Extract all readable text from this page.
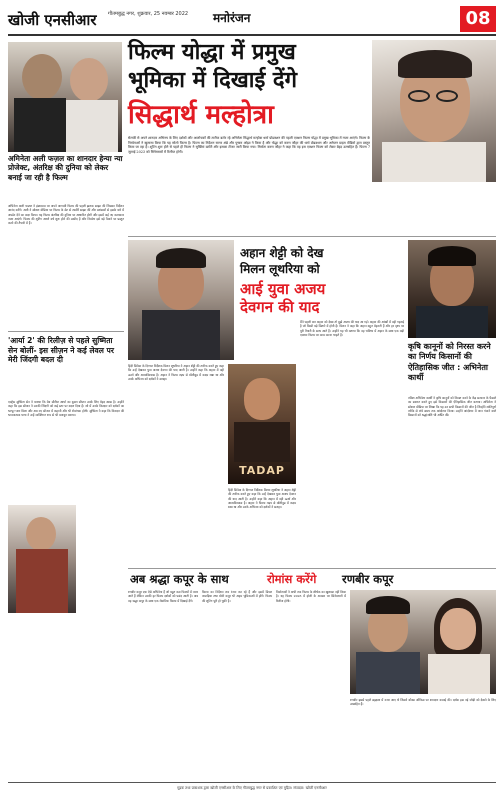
खोजी एनसीआर गौतमबुद्ध नगर, शुक्रवार, 25 नवम्बर 2022 मनोरंजन	08
अमिनेता अली फज़ल का शानदार हेन्या न्या प्रोजेक्ट, अंतरिक्ष की दुनिया को लेकर बनाई जा रही है फिल्म
अभिनेता अली फज़ल ने इंस्टाग्राम पर अपने आगामी फिल्म की पहली झलक साझा की जिसका निर्देशन आनंद करेंगे। अली ने सोशल मीडिया पर फिल्म के सेट से तस्वीरें साझा कीं और प्रशंसकों से इसके बारे में अपडेट देने का वादा किया। यह फिल्म अंतरिक्ष की दुनिया पर आधारित होगी और इसमें कई नए कलाकार नजर आएंगे। फिल्म की शूटिंग अगले वर्ष शुरू होने की उम्मीद है और निर्माता इसे बड़े पैमाने पर प्रस्तुत करने की तैयारी में हैं।
'आर्या 2' की रिलीज़ से पहले सुष्मिता सेन बोलीं- इस सीज़न ने कई लेवल पर मेरी जिंदगी बदल दी
एक्ट्रेस सुष्मिता सेन ने बताया कि वेब सीरीज आर्या का दूसरा सीजन उनके लिए बेहद खास है। उन्होंने कहा कि इस सीजन ने उनकी जिंदगी को कई स्तर पर बदल दिया है। शो में उनके किरदार को दर्शकों का भरपूर प्यार मिला और अब नए सीजन में कहानी और भी रोमांचक होगी। सुष्मिता ने कहा कि किरदार की भावनात्मक यात्रा ने उन्हें व्यक्तिगत रूप से भी मजबूत बनाया।
फिल्म योद्धा में प्रमुख
भूमिका में दिखाई देंगे
सिद्धार्थ मल्होत्रा
सेलफी से अपने शानदार अभिनय के लिए दर्शकों और आलोचकों की तारीफ बटोर रहे अभिनेता सिद्धार्थ मल्होत्रा धर्मा प्रोडक्शन की पहली एक्शन फिल्म योद्धा में प्रमुख भूमिका में नजर आएंगे। फिल्म के निर्माताओं ने खुलासा किया कि यह सोलो फिल्म है। फिल्म का निर्देशन सागर अंब्रे और पुष्कर ओझा ने किया है और योद्धा को करण जौहर की धर्मा प्रोडक्शन और अमेजन प्राइम वीडियो द्वारा प्रस्तुत किया जा रहा है। शूटिंग शुरू होने से पहले ही फिल्म ने सुर्खियां बटोरी और इसका टीजर जारी किया गया। निर्माता करण जौहर ने कहा कि वह इस एक्शन फिल्म को लेकर बेहद उत्साहित हैं। फिल्म 7 जुलाई 2023 को सिनेमाघरों में रिलीज होगी।
अहान शेट्टी को देख
मिलन लूथरिया को
आई युवा अजय
देवगन की याद
हिंदी सिनेमा के दिग्गज निर्देशक मिलन लूथरिया ने अहान शेट्टी की तारीफ करते हुए कहा कि उन्हें देखकर युवा अजय देवगन की याद आती है। उन्होंने कहा कि अहान में वही ऊर्जा और आत्मविश्वास है। अहान ने फिल्म तड़प से बॉलीवुड में कदम रखा था और उनके अभिनय को दर्शकों ने सराहा।
TADAP
हिंदी सिनेमा के दिग्गज निर्देशक मिलन लूथरिया ने अहान शेट्टी की तारीफ करते हुए कहा कि उन्हें देखकर युवा अजय देवगन की याद आती है। उन्होंने कहा कि अहान में वही ऊर्जा और आत्मविश्वास है। अहान ने फिल्म तड़प से बॉलीवुड में कदम रखा था और उनके अभिनय को दर्शकों ने सराहा।
मैंने पहली बार अहान को देखा तो मुझे अजय की याद आ गई। अहान की आंखों में वही गहराई है जो किसी बड़े सितारे में होती है। मिलन ने कहा कि अहान बहुत मेहनती हैं और हर दृश्य पर पूरी तैयारी के साथ आते हैं। उन्होंने यह भी बताया कि वह भविष्य में अहान के साथ एक बड़ी एक्शन फिल्म पर काम करना चाहते हैं।
कृषि कानूनों को निरस्त करने का निर्णय किसानों की ऐतिहासिक जीत : अभिनेता कार्थी
तमिल अभिनेता कार्थी ने कृषि कानूनों को निरस्त करने के केंद्र सरकार के फैसले का स्वागत करते हुए इसे किसानों की ऐतिहासिक जीत बताया। अभिनेता ने सोशल मीडिया पर लिखा कि यह उन सभी किसानों की जीत है जिन्होंने शांतिपूर्ण तरीके से लंबे समय तक आंदोलन किया। उन्होंने आंदोलन में जान गंवाने वाले किसानों को श्रद्धांजलि भी अर्पित की।
अब श्रद्धा कपूर के साथ	रोमांस करेंगे रणबीर कपूर
रणबीर कपूर एक ऐसे अभिनेता हैं जो बहुत कम फिल्मों में नजर आते हैं लेकिन उनकी हर फिल्म दर्शकों को पसंद आती है। अब वह श्रद्धा कपूर के साथ एक रोमांटिक फिल्म में दिखाई देंगे।
फिल्म का निर्देशन लव रंजन कर रहे हैं और इसमें डिंपल कपाड़िया तथा बोनी कपूर भी अहम भूमिकाओं में होंगे। फिल्म की शूटिंग पूरी हो चुकी है।
निर्माताओं ने अभी तक फिल्म के शीर्षक का खुलासा नहीं किया है। यह फिल्म 2023 में होली के अवसर पर सिनेमाघरों में रिलीज होगी।
रणबीर इससे पहले ब्रह्मास्त्र में नजर आए थे जिसने बॉक्स ऑफिस पर शानदार कमाई की। दर्शक इस नई जोड़ी को देखने के लिए उत्साहित हैं।
मुद्रक तथा प्रकाशक द्वारा खोजी एनसीआर के लिए गौतमबुद्ध नगर से प्रकाशित एवं मुद्रित। संपादक: खोजी एनसीआर
